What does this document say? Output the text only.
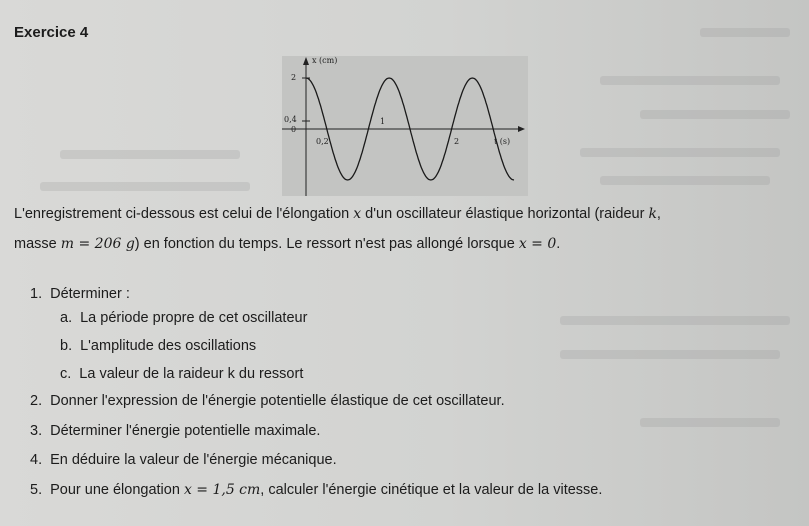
Exercice 4
x (cm)
2
0,4
0
0,2
1
2	t (s)
L'enregistrement ci-dessous est celui de l'élongation x d'un oscillateur élastique horizontal (raideur k,
masse m = 206 g) en fonction du temps. Le ressort n'est pas allongé lorsque x = 0.
1. Déterminer :
a. La période propre de cet oscillateur
b. L'amplitude des oscillations
c. La valeur de la raideur k du ressort
2. Donner l'expression de l'énergie potentielle élastique de cet oscillateur.
3. Déterminer l'énergie potentielle maximale.
4. En déduire la valeur de l'énergie mécanique.
5. Pour une élongation x = 1,5 cm, calculer l'énergie cinétique et la valeur de la vitesse.
